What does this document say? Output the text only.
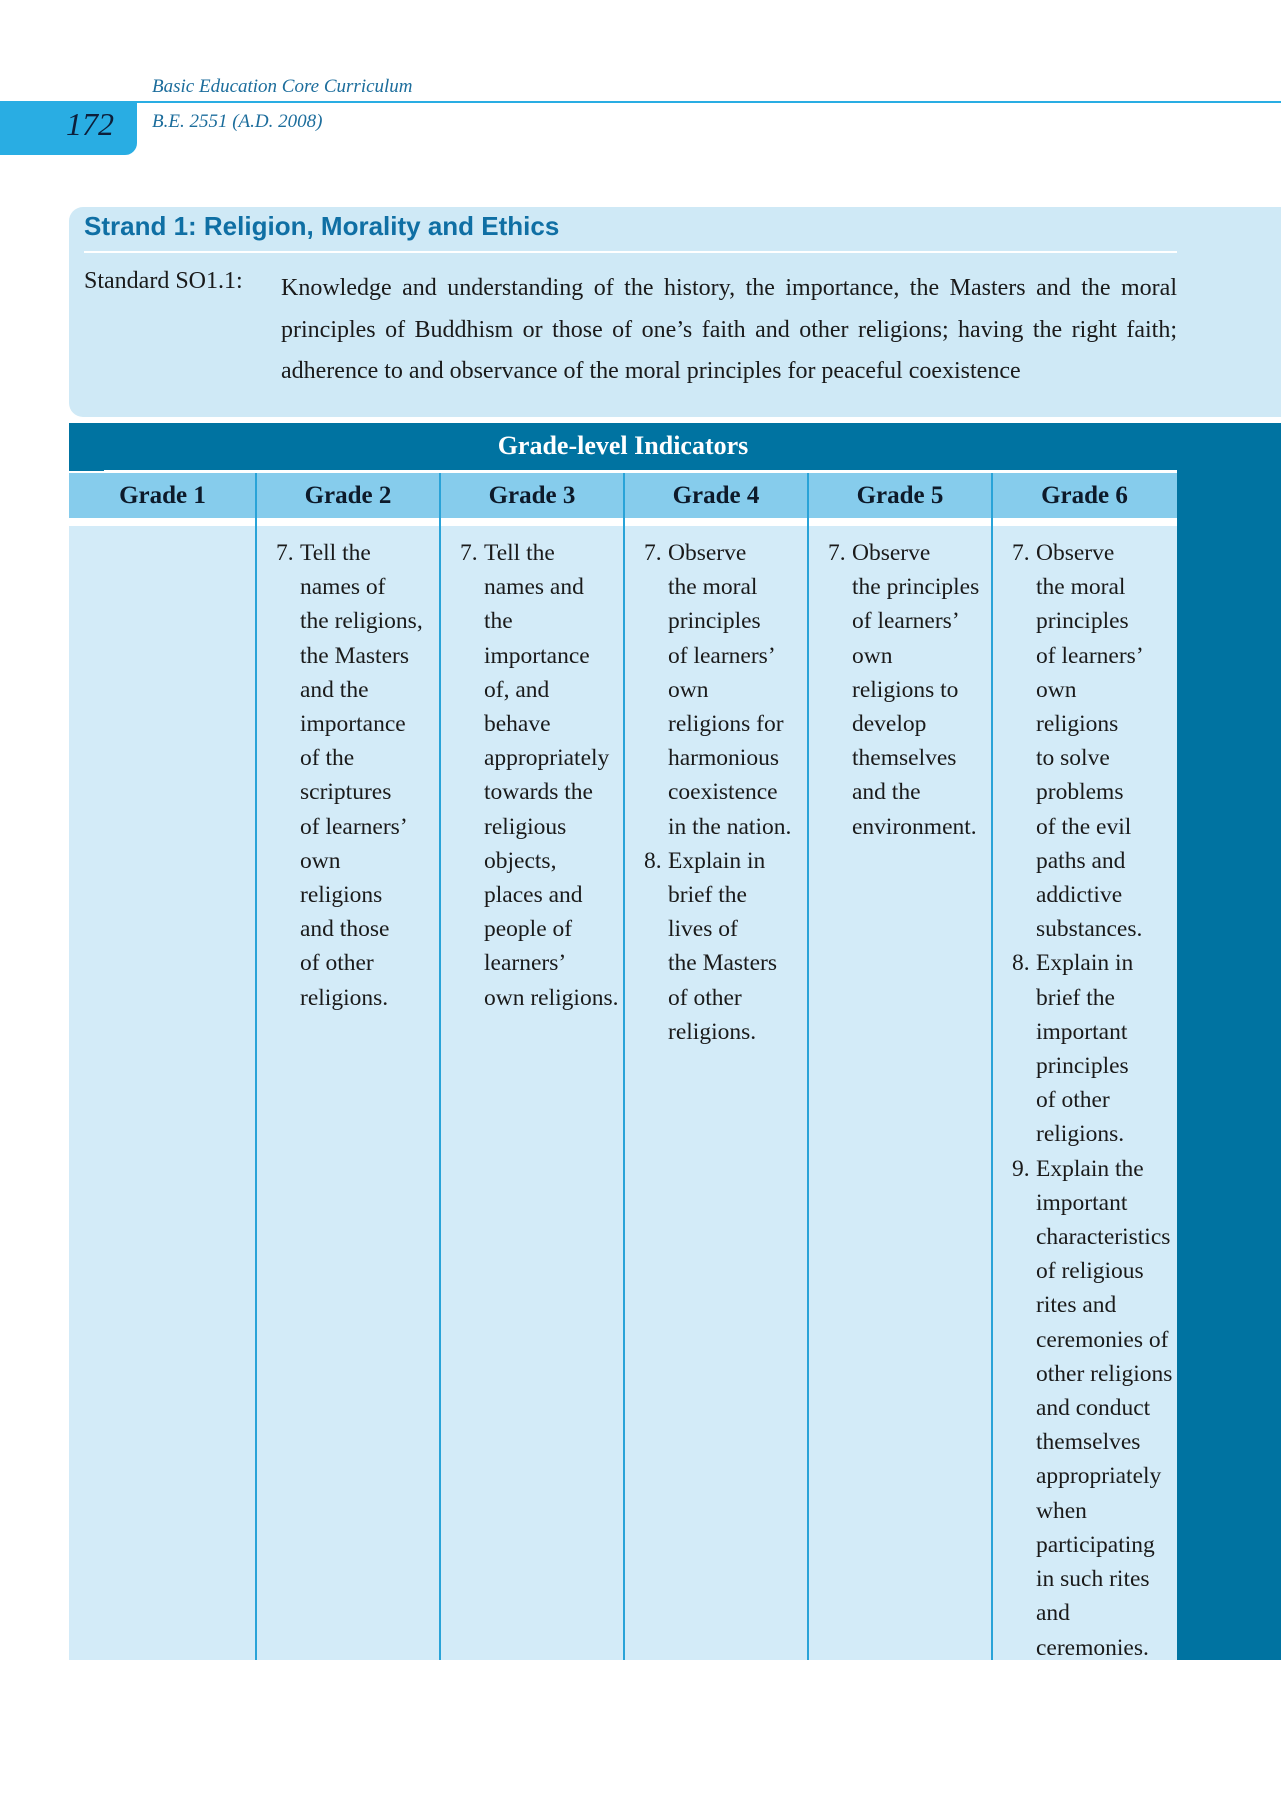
172
Basic Education Core Curriculum
B.E. 2551 (A.D. 2008)
Strand 1: Religion, Morality and Ethics
Standard SO1.1: Knowledge and understanding of the history, the importance, the Masters and the moral principles of Buddhism or those of one’s faith and other religions; having the right faith; adherence to and observance of the moral principles for peaceful coexistence
Grade-level Indicators
Grade 1	Grade 2
7. Tell the
names of
the religions,
the Masters
and the
importance
of the
scriptures
of learners’
own
religions
and those
of other
religions.
Grade 3
7. Tell the
names and
the
importance
of, and
behave
appropriately
towards the
religious
objects,
places and
people of
learners’
own religions.
Grade 4
7. Observe
the moral
principles
of learners’
own
religions for
harmonious
coexistence
in the nation.
8. Explain in
brief the
lives of
the Masters
of other
religions.
Grade 5
7. Observe
the principles
of learners’
own
religions to
develop
themselves
and the
environment.
Grade 6
7. Observe
the moral
principles
of learners’
own
religions
to solve
problems
of the evil
paths and
addictive
substances.
8. Explain in
brief the
important
principles
of other
religions.
9. Explain the
important
characteristics
of religious
rites and
ceremonies of
other religions
and conduct
themselves
appropriately
when
participating
in such rites
and
ceremonies.
